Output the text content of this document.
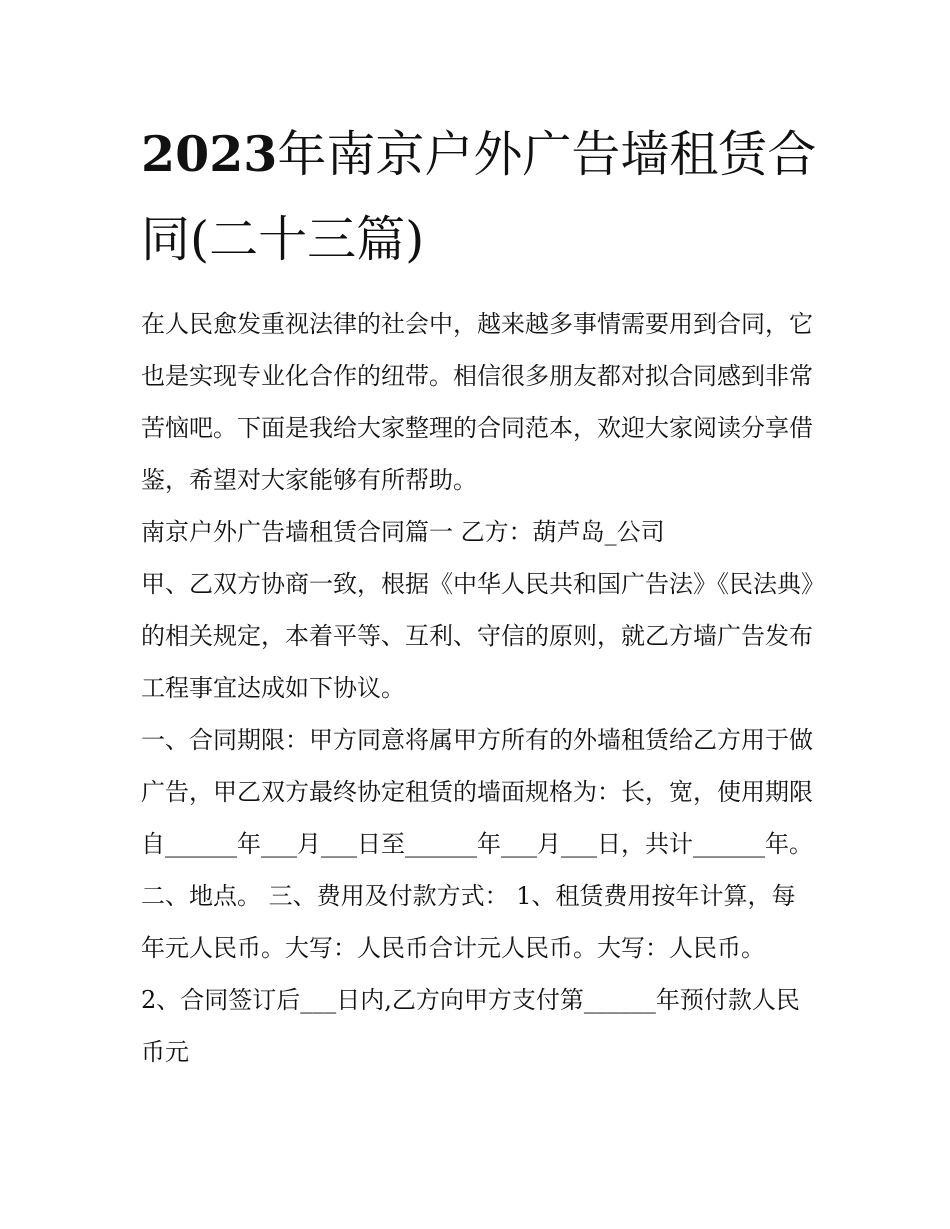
2023年南京户外广告墙租赁合同(二十三篇)

在人民愈发重视法律的社会中，越来越多事情需要用到合同，它也是实现专业化合作的纽带。相信很多朋友都对拟合同感到非常苦恼吧。下面是我给大家整理的合同范本，欢迎大家阅读分享借鉴，希望对大家能够有所帮助。

南京户外广告墙租赁合同篇一 乙方：葫芦岛_公司

甲、乙双方协商一致，根据《中华人民共和国广告法》《民法典》的相关规定，本着平等、互利、守信的原则，就乙方墙广告发布工程事宜达成如下协议。

一、合同期限：甲方同意将属甲方所有的外墙租赁给乙方用于做广告，甲乙双方最终协定租赁的墙面规格为：长，宽，使用期限自______年___月___日至______年___月___日，共计______年。

二、地点。 三、费用及付款方式： 1、租赁费用按年计算，每年元人民币。大写：人民币合计元人民币。大写：人民币。

2、合同签订后___日内,乙方向甲方支付第______年预付款人民币元
